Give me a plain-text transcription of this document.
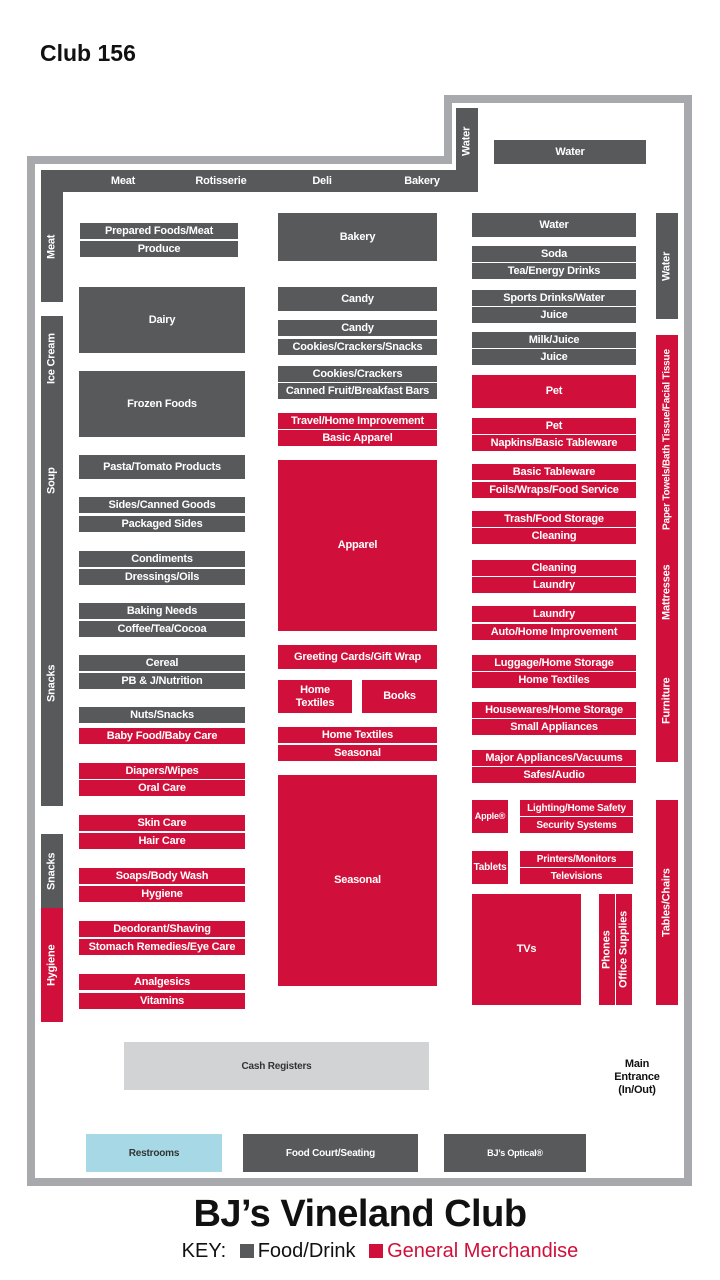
Club 156
Meat	Rotisserie	Deli	Bakery
Water	Water
Meat
Ice Cream
Soup
Snacks
Snacks
Hygiene
Prepared Foods/Meat
Produce
Dairy
Frozen Foods
Pasta/Tomato Products
Sides/Canned Goods
Packaged Sides
Condiments
Dressings/Oils
Baking Needs
Coffee/Tea/Cocoa
Cereal
PB & J/Nutrition
Nuts/Snacks
Baby Food/Baby Care
Diapers/Wipes
Oral Care
Skin Care
Hair Care
Soaps/Body Wash
Hygiene
Deodorant/Shaving
Stomach Remedies/Eye Care
Analgesics
Vitamins
Bakery
Candy
Candy
Cookies/Crackers/Snacks
Cookies/Crackers
Canned Fruit/Breakfast Bars
Travel/Home Improvement
Basic Apparel
Apparel
Greeting Cards/Gift Wrap
Home Textiles
Books
Home Textiles
Seasonal
Seasonal
Water
Soda
Tea/Energy Drinks
Sports Drinks/Water
Juice
Milk/Juice
Juice
Pet
Pet
Napkins/Basic Tableware
Basic Tableware
Foils/Wraps/Food Service
Trash/Food Storage
Cleaning
Cleaning
Laundry
Laundry
Auto/Home Improvement
Luggage/Home Storage
Home Textiles
Housewares/Home Storage
Small Appliances
Major Appliances/Vacuums
Safes/Audio
Apple®
Lighting/Home Safety
Security Systems
Tablets
Printers/Monitors
Televisions
TVs	Phones Office Supplies
Water
Paper Towels/Bath Tissue/Facial Tissue
Mattresses
Furniture
Tables/Chairs
Cash Registers	Main Entrance (In/Out)
Restrooms	Food Court/Seating	BJ’s Optical®
BJ’s Vineland Club
KEY: Food/Drink General Merchandise
